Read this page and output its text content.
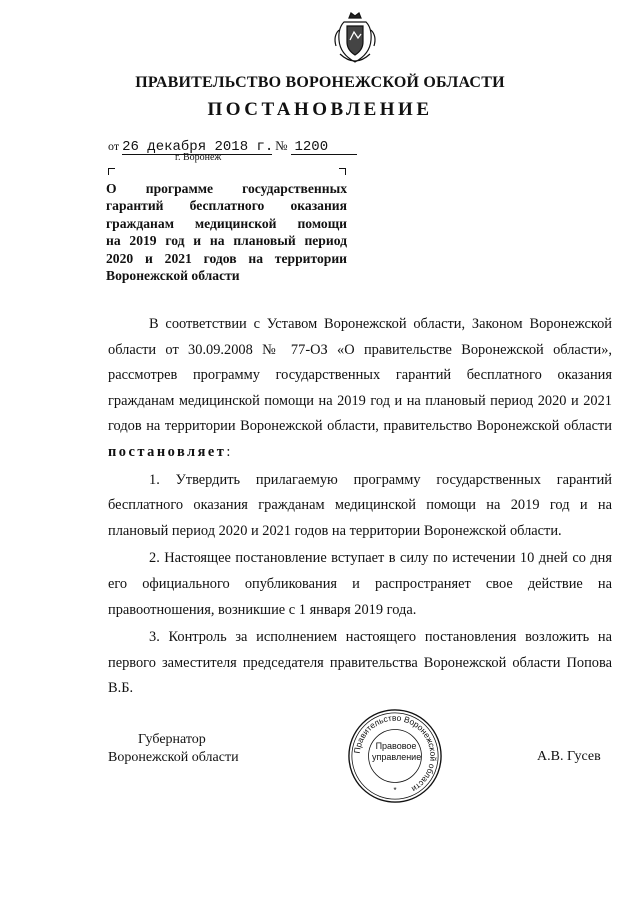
ПРАВИТЕЛЬСТВО ВОРОНЕЖСКОЙ ОБЛАСТИ
ПОСТАНОВЛЕНИЕ
от 26 декабря 2018 г. № 1200
г. Воронеж
О программе государственных
гарантий бесплатного оказания
гражданам медицинской помощи
на 2019 год и на плановый период
2020 и 2021 годов на территории
Воронежской области

В соответствии с Уставом Воронежской области, Законом Воронежской области от 30.09.2008 № 77-ОЗ «О правительстве Воронежской области», рассмотрев программу государственных гарантий бесплатного оказания гражданам медицинской помощи на 2019 год и на плановый период 2020 и 2021 годов на территории Воронежской области, правительство Воронежской области постановляет:

1. Утвердить прилагаемую программу государственных гарантий бесплатного оказания гражданам медицинской помощи на 2019 год и на плановый период 2020 и 2021 годов на территории Воронежской области.

2. Настоящее постановление вступает в силу по истечении 10 дней со дня его официального опубликования и распространяет свое действие на правоотношения, возникшие с 1 января 2019 года.

3. Контроль за исполнением настоящего постановления возложить на первого заместителя председателя правительства Воронежской области Попова В.Б.

Губернатор
Воронежской области	Правительство Воронежской области
*
Правовое
управление	А.В. Гусев
